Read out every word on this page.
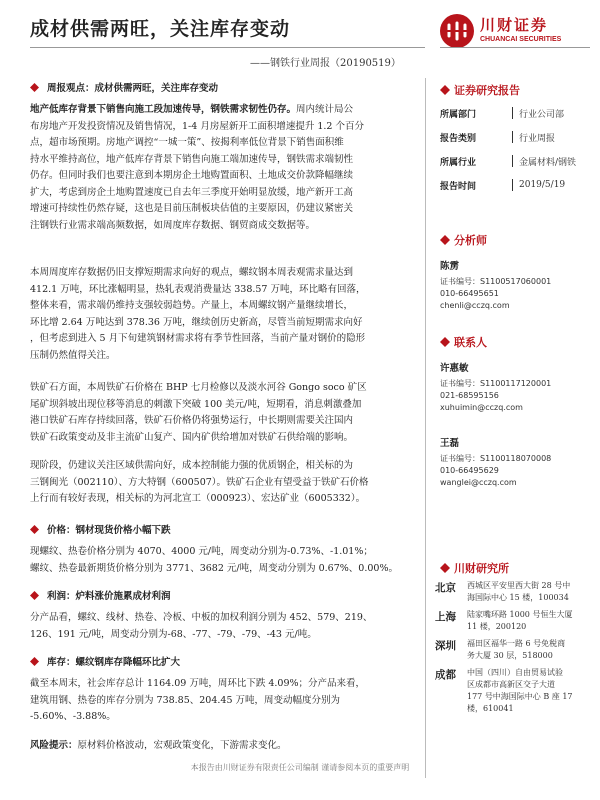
成材供需两旺，关注库存变动	川财证券
CHUANCAI SECURITIES
——钢铁行业周报（20190519）
周报观点：成材供需两旺，关注库存变动
地产低库存背景下销售向施工段加速传导，钢铁需求韧性仍存。周内统计局公
布房地产开发投资情况及销售情况，1-4 月房屋新开工面积增速提升 1.2 个百分
点，超市场预期。房地产调控“一城一策”、按揭利率低位背景下销售面积维
持水平维持高位，地产低库存背景下销售向施工端加速传导，钢铁需求端韧性
仍存。但同时我们也要注意到本期房企土地购置面积、土地成交价款降幅继续
扩大，考虑到房企土地购置速度已自去年三季度开始明显放缓，地产新开工高
增速可持续性仍然存疑，这也是目前压制板块估值的主要原因，仍建议紧密关
注钢铁行业需求端高频数据，如周度库存数据、钢贸商成交数据等。
本周周度库存数据仍旧支撑短期需求向好的观点，螺纹钢本周表观需求量达到
412.1 万吨，环比涨幅明显，热轧表观消费量达 338.57 万吨，环比略有回落，
整体来看，需求端仍维持支强较弱趋势。产量上，本周螺纹钢产量继续增长，
环比增 2.64 万吨达到 378.36 万吨，继续创历史新高，尽管当前短期需求向好
，但考虑到进入 5 月下旬建筑钢材需求将有季节性回落，当前产量对钢价的隐形
压制仍然值得关注。
铁矿石方面，本周铁矿石价格在 BHP 七月检修以及淡水河谷 Gongo soco 矿区
尾矿坝斜坡出现位移等消息的刺激下突破 100 美元/吨，短期看，消息刺激叠加
港口铁矿石库存持续回落，铁矿石价格仍将强势运行，中长期则需要关注国内
铁矿石政策变动及非主流矿山复产、国内矿供给增加对铁矿石供给端的影响。
现阶段，仍建议关注区域供需向好，成本控制能力强的优质钢企，相关标的为
三钢闽光（002110）、方大特钢（600507）。铁矿石企业有望受益于铁矿石价格
上行而有较好表现，相关标的为河北宣工（000923）、宏达矿业（6005332）。
价格：钢材现货价格小幅下跌
现螺纹、热卷价格分别为 4070、4000 元/吨，周变动分别为-0.73%、-1.01%；
螺纹、热卷最新期货价格分别为 3771、3682 元/吨，周变动分别为 0.67%、0.00%。
利润：炉料涨价施累成材利润
分产品看，螺纹、线材、热卷、冷板、中板的加权利润分别为 452、579、219、
126、191 元/吨，周变动分别为-68、-77、-79、-79、-43 元/吨。
库存：螺纹钢库存降幅环比扩大
截至本周末，社会库存总计 1164.09 万吨，周环比下跌 4.09%；分产品来看，
建筑用钢、热卷的库存分别为 738.85、204.45 万吨，周变动幅度分别为
-5.60%、-3.88%。
风险提示：原材料价格波动，宏观政策变化，下游需求变化。
证券研究报告
所属部门	行业公司部
报告类别	行业周报
所属行业	金属材料/钢铁
报告时间	2019/5/19
分析师
陈雳
证书编号：S1100517060001
010-66495651
chenli@cczq.com
联系人
许惠敏
证书编号：S1100117120001
021-68595156
xuhuimin@cczq.com
王磊
证书编号：S1100118070008
010-66495629
wanglei@cczq.com
川财研究所
北京	西城区平安里西大街 28 号中
海国际中心 15 楼，100034
上海	陆家嘴环路 1000 号恒生大厦
11 楼，200120
深圳	福田区福华一路 6 号免税商
务大厦 30 层，518000
成都	中国（四川）自由贸易试验
区成都市高新区交子大道
177 号中海国际中心 B 座 17
楼，610041
本报告由川财证券有限责任公司编制 谨请参阅本页的重要声明
